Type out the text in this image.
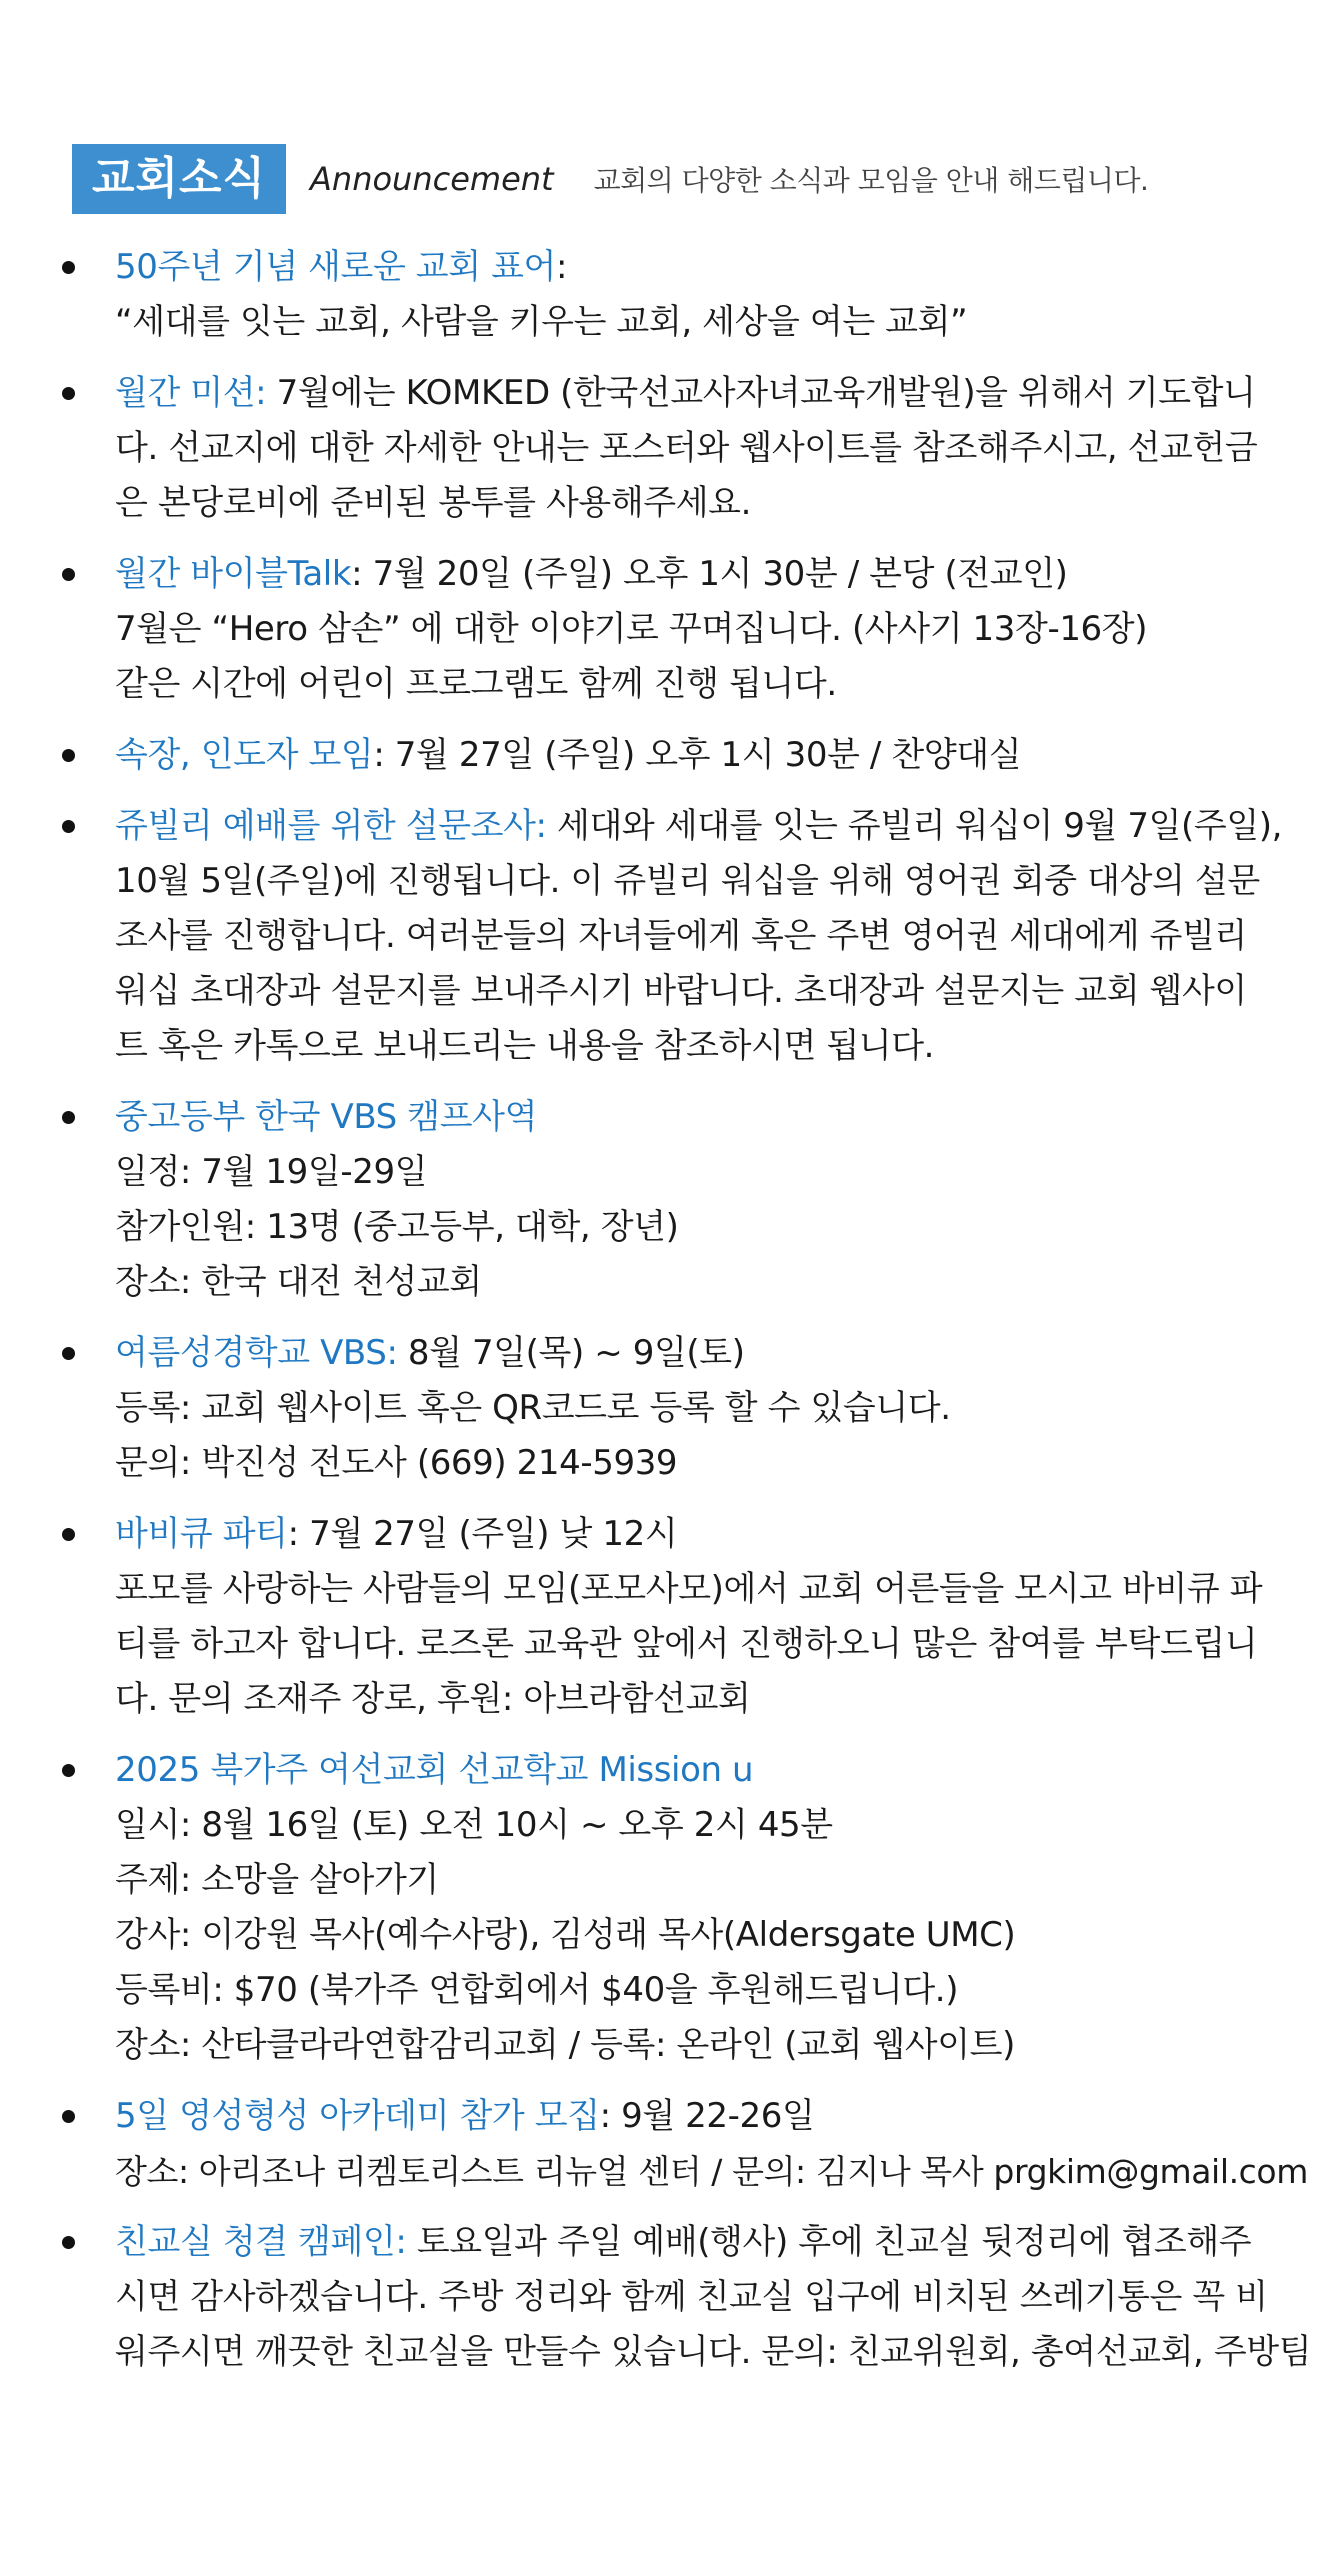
교회소식	Announcement 교회의 다양한 소식과 모임을 안내 해드립니다.
50주년 기념 새로운 교회 표어:
“세대를 잇는 교회, 사람을 키우는 교회, 세상을 여는 교회”
월간 미션: 7월에는 KOMKED (한국선교사자녀교육개발원)을 위해서 기도합니
다. 선교지에 대한 자세한 안내는 포스터와 웹사이트를 참조해주시고, 선교헌금
은 본당로비에 준비된 봉투를 사용해주세요.
월간 바이블Talk: 7월 20일 (주일) 오후 1시 30분 / 본당 (전교인)
7월은 “Hero 삼손” 에 대한 이야기로 꾸며집니다. (사사기 13장-16장)
같은 시간에 어린이 프로그램도 함께 진행 됩니다.
속장, 인도자 모임: 7월 27일 (주일) 오후 1시 30분 / 찬양대실
쥬빌리 예배를 위한 설문조사: 세대와 세대를 잇는 쥬빌리 워십이 9월 7일(주일),
10월 5일(주일)에 진행됩니다. 이 쥬빌리 워십을 위해 영어권 회중 대상의 설문
조사를 진행합니다. 여러분들의 자녀들에게 혹은 주변 영어권 세대에게 쥬빌리
워십 초대장과 설문지를 보내주시기 바랍니다. 초대장과 설문지는 교회 웹사이
트 혹은 카톡으로 보내드리는 내용을 참조하시면 됩니다.
중고등부 한국 VBS 캠프사역
일정: 7월 19일-29일
참가인원: 13명 (중고등부, 대학, 장년)
장소: 한국 대전 천성교회
여름성경학교 VBS: 8월 7일(목) ~ 9일(토)
등록: 교회 웹사이트 혹은 QR코드로 등록 할 수 있습니다.
문의: 박진성 전도사 (669) 214-5939
바비큐 파티: 7월 27일 (주일) 낮 12시
포모를 사랑하는 사람들의 모임(포모사모)에서 교회 어른들을 모시고 바비큐 파
티를 하고자 합니다. 로즈론 교육관 앞에서 진행하오니 많은 참여를 부탁드립니
다. 문의 조재주 장로, 후원: 아브라함선교회
2025 북가주 여선교회 선교학교 Mission u
일시: 8월 16일 (토) 오전 10시 ~ 오후 2시 45분
주제: 소망을 살아가기
강사: 이강원 목사(예수사랑), 김성래 목사(Aldersgate UMC)
등록비: $70 (북가주 연합회에서 $40을 후원해드립니다.)
장소: 산타클라라연합감리교회 / 등록: 온라인 (교회 웹사이트)
5일 영성형성 아카데미 참가 모집: 9월 22-26일
장소: 아리조나 리켐토리스트 리뉴얼 센터 / 문의: 김지나 목사 prgkim@gmail.com
친교실 청결 캠페인: 토요일과 주일 예배(행사) 후에 친교실 뒷정리에 협조해주
시면 감사하겠습니다. 주방 정리와 함께 친교실 입구에 비치된 쓰레기통은 꼭 비
워주시면 깨끗한 친교실을 만들수 있습니다. 문의: 친교위원회, 총여선교회, 주방팀
